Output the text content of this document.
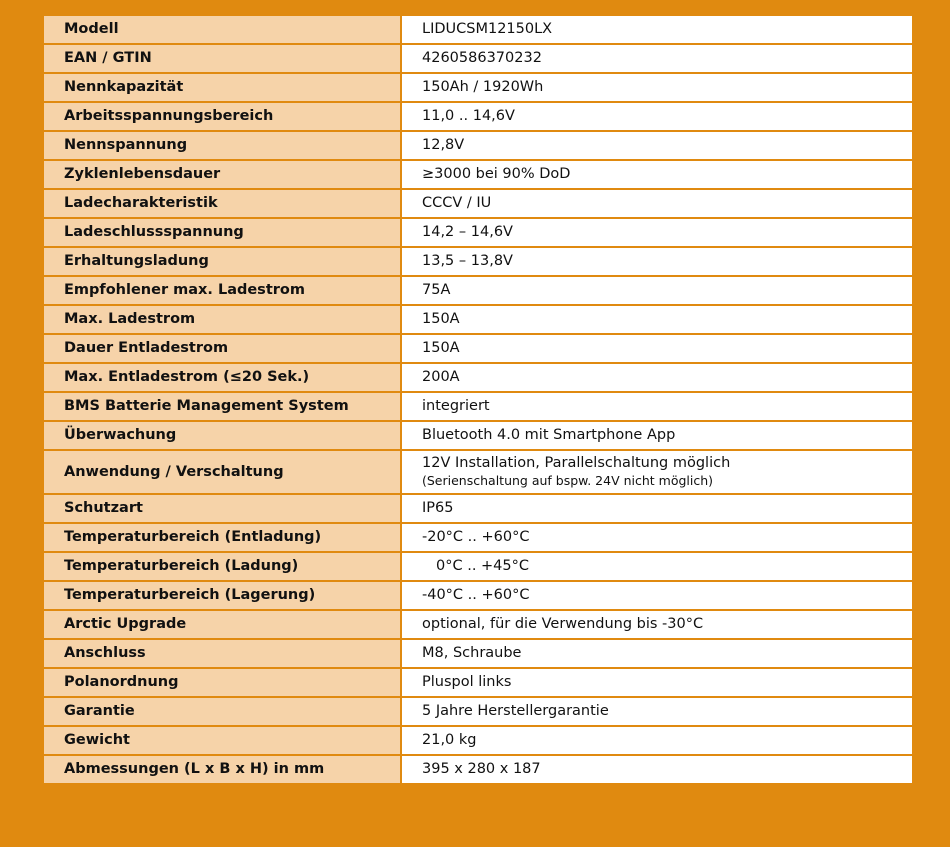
Modell	LIDUCSM12150LX
EAN / GTIN	4260586370232
Nennkapazität	150Ah / 1920Wh
Arbeitsspannungsbereich	11,0 .. 14,6V
Nennspannung	12,8V
Zyklenlebensdauer	≥3000 bei 90% DoD
Ladecharakteristik	CCCV / IU
Ladeschlussspannung	14,2 – 14,6V
Erhaltungsladung	13,5 – 13,8V
Empfohlener max. Ladestrom	75A
Max. Ladestrom	150A
Dauer Entladestrom	150A
Max. Entladestrom (≤20 Sek.)	200A
BMS Batterie Management System	integriert
Überwachung	Bluetooth 4.0 mit Smartphone App
Anwendung / Verschaltung	12V Installation, Parallelschaltung möglich
(Serienschaltung auf bspw. 24V nicht möglich)

Schutzart	IP65
Temperaturbereich (Entladung)	-20°C .. +60°C
Temperaturbereich (Ladung)	0°C .. +45°C
Temperaturbereich (Lagerung)	-40°C .. +60°C
Arctic Upgrade	optional, für die Verwendung bis -30°C
Anschluss	M8, Schraube
Polanordnung	Pluspol links
Garantie	5 Jahre Herstellergarantie
Gewicht	21,0 kg
Abmessungen (L x B x H) in mm	395 x 280 x 187
